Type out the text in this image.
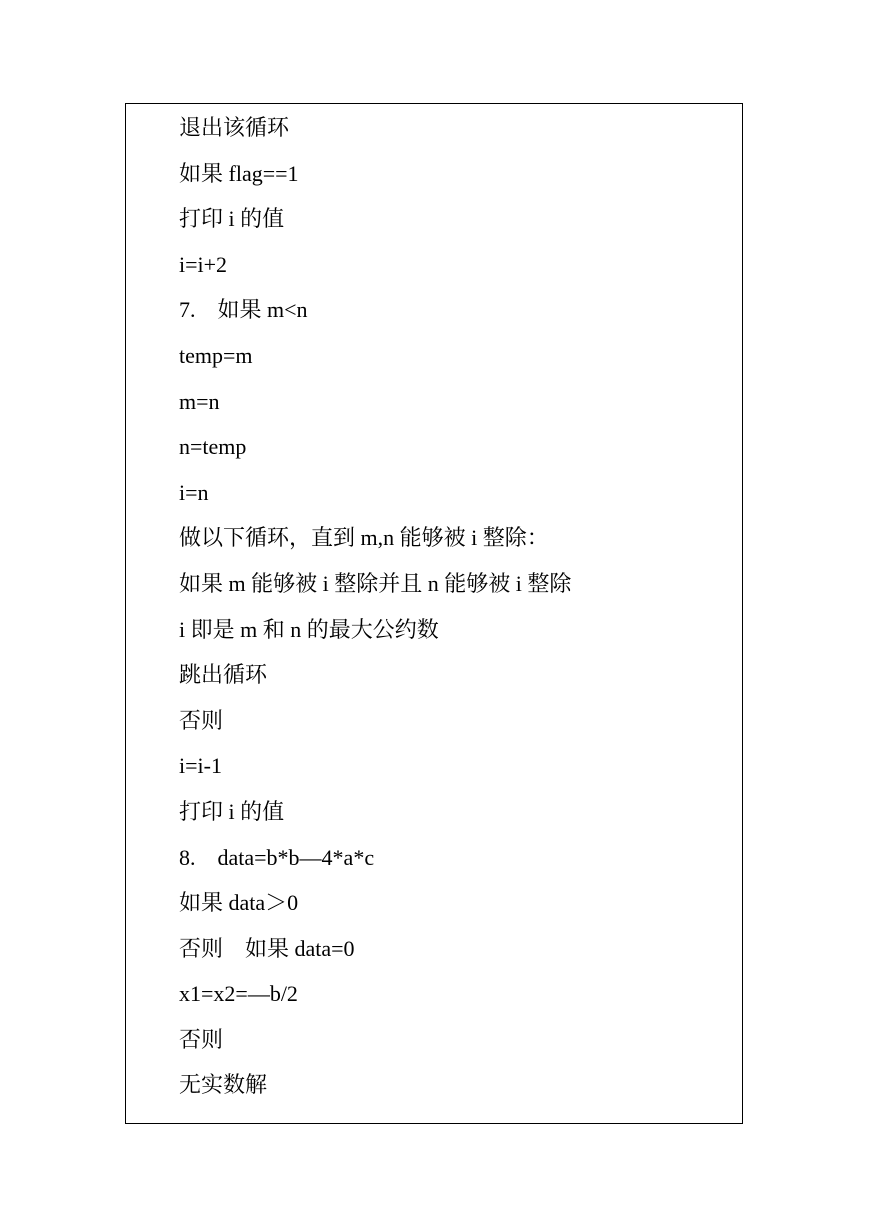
退出该循环
如果 flag==1
打印 i 的值
i=i+2
7.　如果 m<n
temp=m
m=n
n=temp
i=n
做以下循环，直到 m,n 能够被 i 整除：
如果 m 能够被 i 整除并且 n 能够被 i 整除
i 即是 m 和 n 的最大公约数
跳出循环
否则
i=i-1
打印 i 的值
8.　data=b*b—4*a*c
如果 data＞0
否则　如果 data=0
x1=x2=—b/2
否则
无实数解
